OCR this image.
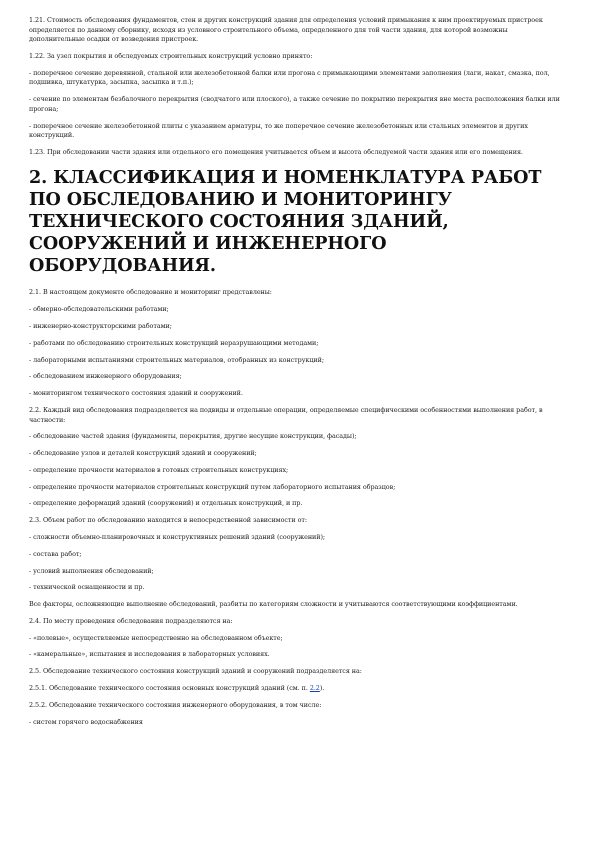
1.21. Стоимость обследования фундаментов, стен и других конструкций здания для определения условий примыкания к ним проектируемых пристроек определяется по данному сборнику, исходя из условного строительного объема, определенного для той части здания, для которой возможны дополнительные осадки от возведения пристроек.

1.22. За узел покрытия и обследуемых строительных конструкций условно принято:

- поперечное сечение деревянной, стальной или железобетонной балки или прогона с примыкающими элементами заполнения (лаги, накат, смазка, пол, подшивка, штукатурка, засыпка, засыпка и т.п.);

- сечение по элементам безбалочного перекрытия (сводчатого или плоского), а также сечение по покрытию перекрытия вне места расположения балки или прогона;

- поперечное сечение железобетонной плиты с указанием арматуры, то же поперечное сечение железобетонных или стальных элементов и других конструкций.

1.23. При обследовании части здания или отдельного его помещения учитывается объем и высота обследуемой части здания или его помещения.

2. КЛАССИФИКАЦИЯ И НОМЕНКЛАТУРА РАБОТ ПО ОБСЛЕДОВАНИЮ И МОНИТОРИНГУ ТЕХНИЧЕСКОГО СОСТОЯНИЯ ЗДАНИЙ, СООРУЖЕНИЙ И ИНЖЕНЕРНОГО ОБОРУДОВАНИЯ.

2.1. В настоящем документе обследование и мониторинг представлены:

- обмерно-обследовательскими работами;

- инженерно-конструкторскими работами;

- работами по обследованию строительных конструкций неразрушающими методами;

- лабораторными испытаниями строительных материалов, отобранных из конструкций;

- обследованием инженерного оборудования;

- мониторингом технического состояния зданий и сооружений.

2.2. Каждый вид обследования подразделяется на подвиды и отдельные операции, определяемые специфическими особенностями выполнения работ, в частности:

- обследование частей здания (фундаменты, перекрытия, другие несущие конструкции, фасады);

- обследование узлов и деталей конструкций зданий и сооружений;

- определение прочности материалов в готовых строительных конструкциях;

- определение прочности материалов строительных конструкций путем лабораторного испытания образцов;

- определение деформаций зданий (сооружений) и отдельных конструкций, и пр.

2.3. Объем работ по обследованию находится в непосредственной зависимости от:

- сложности объемно-планировочных и конструктивных решений зданий (сооружений);

- состава работ;

- условий выполнения обследований;

- технической оснащенности и пр.

Все факторы, осложняющие выполнение обследований, разбиты по категориям сложности и учитываются соответствующими коэффициентами.

2.4. По месту проведения обследования подразделяются на:

- «полевые», осуществляемые непосредственно на обследованном объекте;

- «камеральные», испытания и исследования в лабораторных условиях.

2.5. Обследование технического состояния конструкций зданий и сооружений подразделяется на:

2.5.1. Обследование технического состояния основных конструкций зданий (см. п. 2.2).

2.5.2. Обследование технического состояния инженерного оборудования, в том числе:

- систем горячего водоснабжения
